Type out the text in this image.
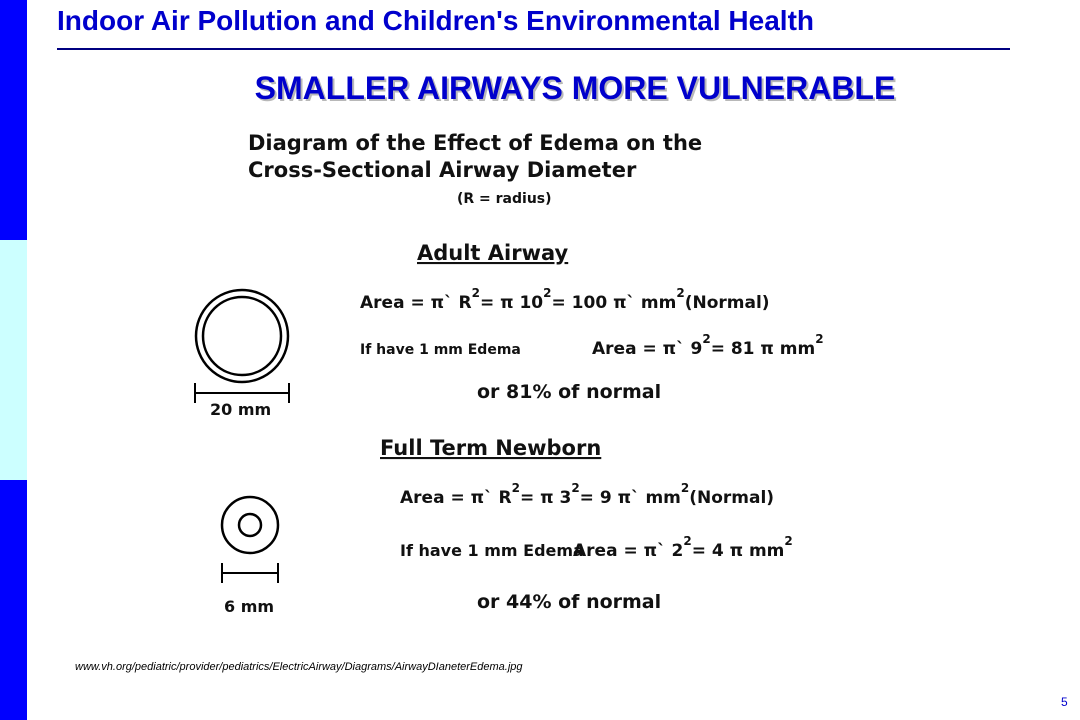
Indoor Air Pollution and Children's Environmental Health
SMALLER AIRWAYS MORE VULNERABLE
Diagram of the Effect of Edema on the
Cross-Sectional Airway Diameter
(R = radius)
Adult Airway
Area = π` $R^2= \pi$ $10^2= 100$ π` $mm^2(Normal)$
If have 1 mm Edema	Area = π` $9^2= 81$ π $mm^2$
or 81% of normal
20 mm
Full Term Newborn
Area = π` $R^2= \pi$ $3^2= 9$ π` $mm^2(Normal)$
If have 1 mm Edema
Area = π` $2^2= 4$ π $mm^2$
or 44% of normal
6 mm
www.vh.org/pediatric/provider/pediatrics/ElectricAirway/Diagrams/AirwayDIaneterEdema.jpg
5
